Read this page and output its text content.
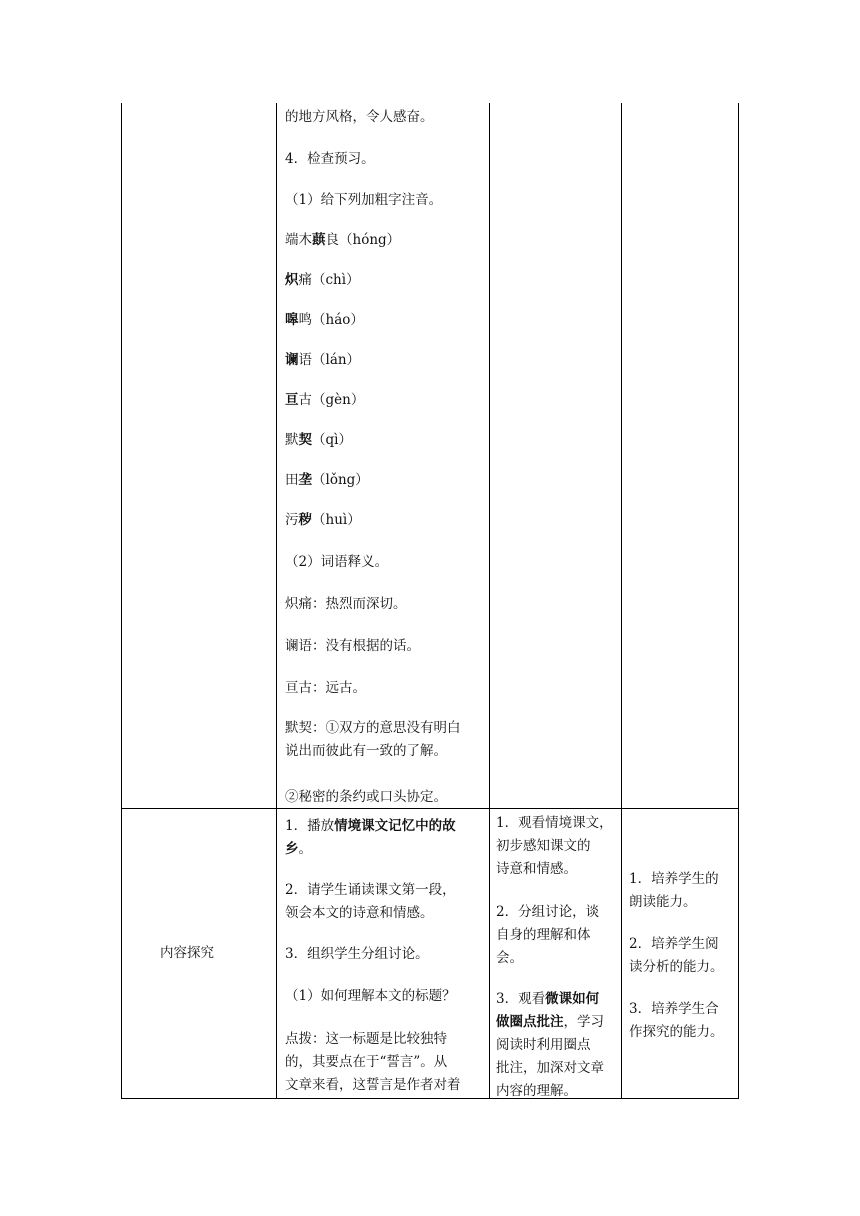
内容探究
的地方风格，令人感奋。
4．检查预习。
（1）给下列加粗字注音。
端木蕻良（hóng）
炽痛（chì）
嗥鸣（háo）
谰语（lán）
亘古（gèn）
默契（qì）
田垄（lǒng）
污秽（huì）
（2）词语释义。
炽痛：热烈而深切。
谰语：没有根据的话。
亘古：远古。
默契：①双方的意思没有明白
说出而彼此有一致的了解。
②秘密的条约或口头协定。
1．播放情境课文记忆中的故
乡。
2．请学生诵读课文第一段，
领会本文的诗意和情感。
3．组织学生分组讨论。
（1）如何理解本文的标题？
点拨：这一标题是比较独特
的，其要点在于“誓言”。从
文章来看，这誓言是作者对着
1．观看情境课文，
初步感知课文的
诗意和情感。
2．分组讨论，谈
自身的理解和体
会。
3．观看微课如何
做圈点批注，学习
阅读时利用圈点
批注，加深对文章
内容的理解。
1．培养学生的
朗读能力。
2．培养学生阅
读分析的能力。
3．培养学生合
作探究的能力。
